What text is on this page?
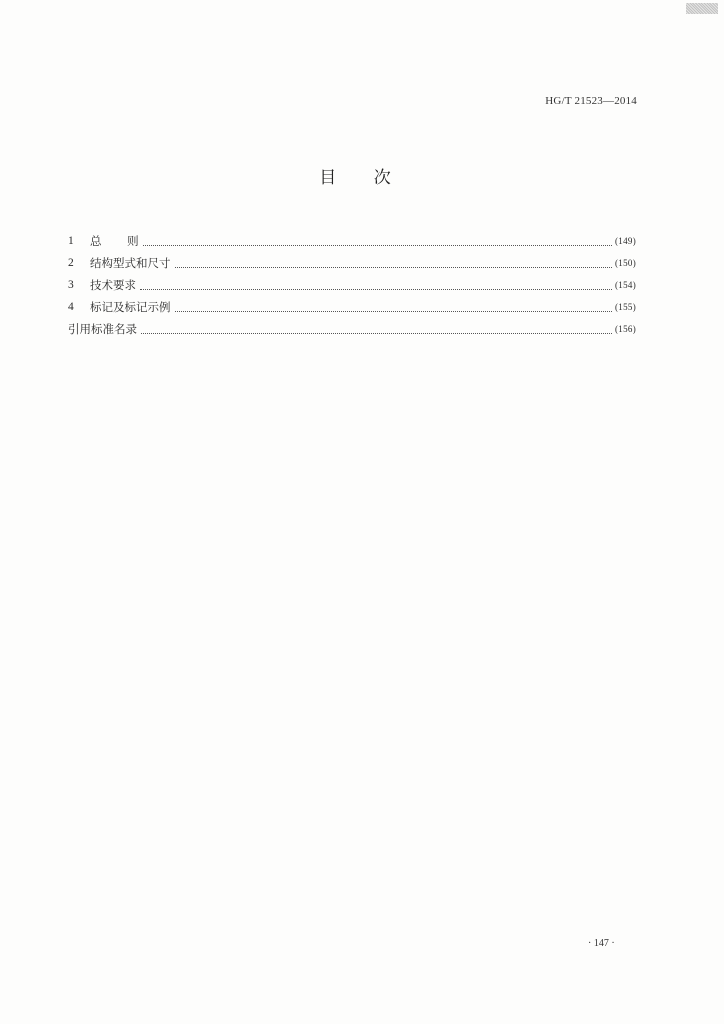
HG/T 21523—2014
目 次
1	总 则	(149)
2	结构型式和尺寸	(150)
3	技术要求	(154)
4	标记及标记示例	(155)
引用标准名录	(156)
· 147 ·
